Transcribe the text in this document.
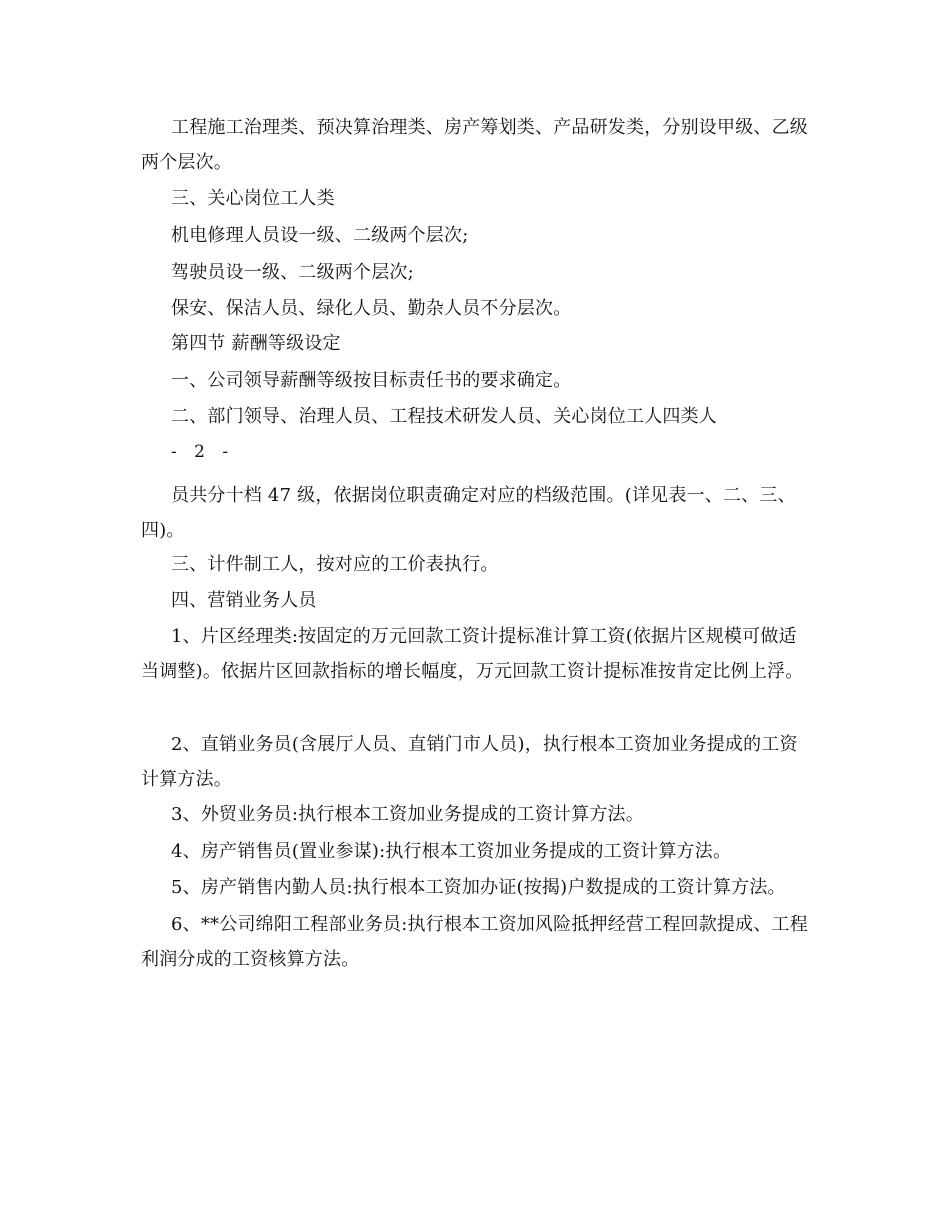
工程施工治理类、预决算治理类、房产筹划类、产品研发类，分别设甲级、乙级两个层次。

三、关心岗位工人类

机电修理人员设一级、二级两个层次;

驾驶员设一级、二级两个层次;

保安、保洁人员、绿化人员、勤杂人员不分层次。

第四节 薪酬等级设定

一、公司领导薪酬等级按目标责任书的要求确定。

二、部门领导、治理人员、工程技术研发人员、关心岗位工人四类人

- 2 -

员共分十档 47 级，依据岗位职责确定对应的档级范围。(详见表一、二、三、四)。

三、计件制工人，按对应的工价表执行。

四、营销业务人员

1、片区经理类:按固定的万元回款工资计提标准计算工资(依据片区规模可做适当调整)。依据片区回款指标的增长幅度，万元回款工资计提标准按肯定比例上浮。

2、直销业务员(含展厅人员、直销门市人员)，执行根本工资加业务提成的工资计算方法。

3、外贸业务员:执行根本工资加业务提成的工资计算方法。

4、房产销售员(置业参谋):执行根本工资加业务提成的工资计算方法。

5、房产销售内勤人员:执行根本工资加办证(按揭)户数提成的工资计算方法。

6、**公司绵阳工程部业务员:执行根本工资加风险抵押经营工程回款提成、工程利润分成的工资核算方法。
